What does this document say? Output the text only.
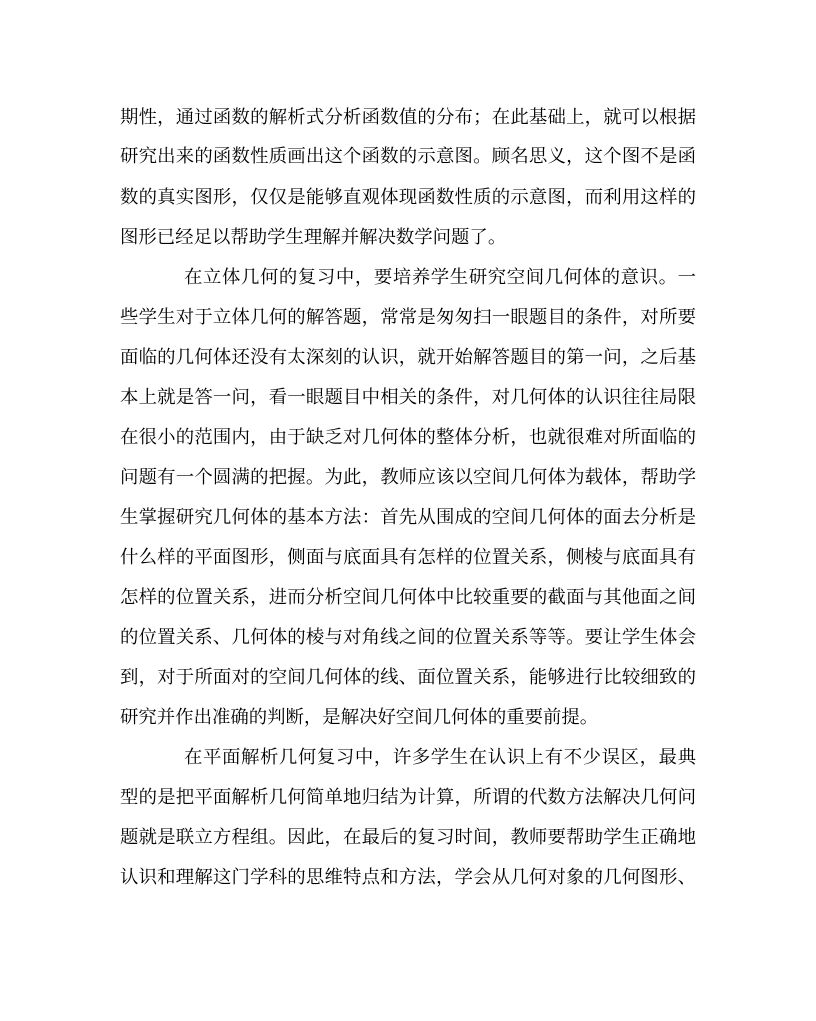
期性，通过函数的解析式分析函数值的分布；在此基础上，就可以根据
研究出来的函数性质画出这个函数的示意图。顾名思义，这个图不是函
数的真实图形，仅仅是能够直观体现函数性质的示意图，而利用这样的
图形已经足以帮助学生理解并解决数学问题了。
在立体几何的复习中，要培养学生研究空间几何体的意识。一
些学生对于立体几何的解答题，常常是匆匆扫一眼题目的条件，对所要
面临的几何体还没有太深刻的认识，就开始解答题目的第一问，之后基
本上就是答一问，看一眼题目中相关的条件，对几何体的认识往往局限
在很小的范围内，由于缺乏对几何体的整体分析，也就很难对所面临的
问题有一个圆满的把握。为此，教师应该以空间几何体为载体，帮助学
生掌握研究几何体的基本方法：首先从围成的空间几何体的面去分析是
什么样的平面图形，侧面与底面具有怎样的位置关系，侧棱与底面具有
怎样的位置关系，进而分析空间几何体中比较重要的截面与其他面之间
的位置关系、几何体的棱与对角线之间的位置关系等等。要让学生体会
到，对于所面对的空间几何体的线、面位置关系，能够进行比较细致的
研究并作出准确的判断，是解决好空间几何体的重要前提。
在平面解析几何复习中，许多学生在认识上有不少误区，最典
型的是把平面解析几何简单地归结为计算，所谓的代数方法解决几何问
题就是联立方程组。因此，在最后的复习时间，教师要帮助学生正确地
认识和理解这门学科的思维特点和方法，学会从几何对象的几何图形、
